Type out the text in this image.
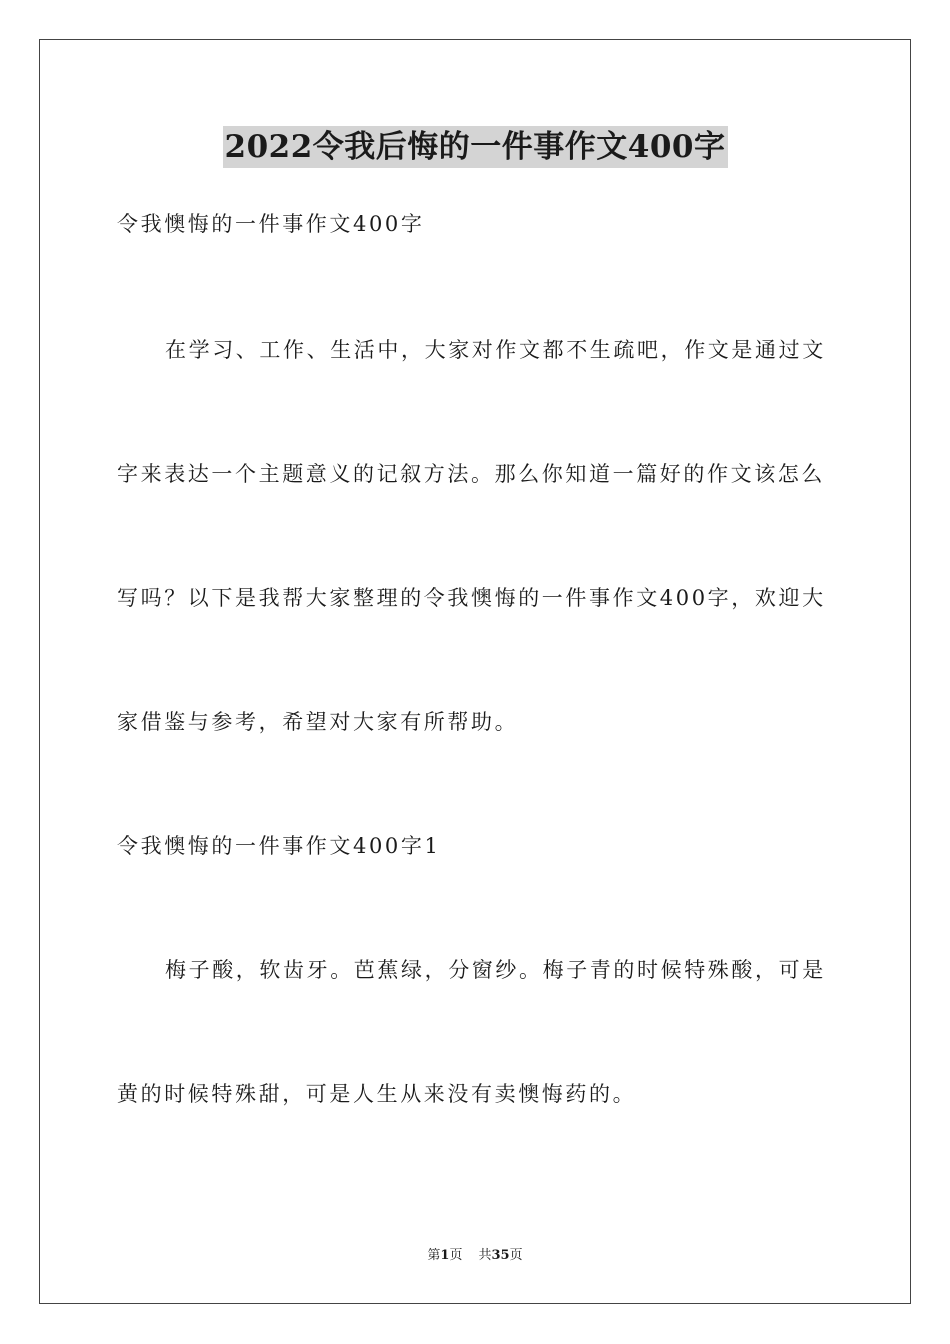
2022令我后悔的一件事作文400字
令我懊悔的一件事作文400字
在学习、工作、生活中，大家对作文都不生疏吧，作文是通过文
字来表达一个主题意义的记叙方法。那么你知道一篇好的作文该怎么
写吗？以下是我帮大家整理的令我懊悔的一件事作文400字，欢迎大
家借鉴与参考，希望对大家有所帮助。
令我懊悔的一件事作文400字1
梅子酸，软齿牙。芭蕉绿，分窗纱。梅子青的时候特殊酸，可是
黄的时候特殊甜，可是人生从来没有卖懊悔药的。
第1页 共35页
